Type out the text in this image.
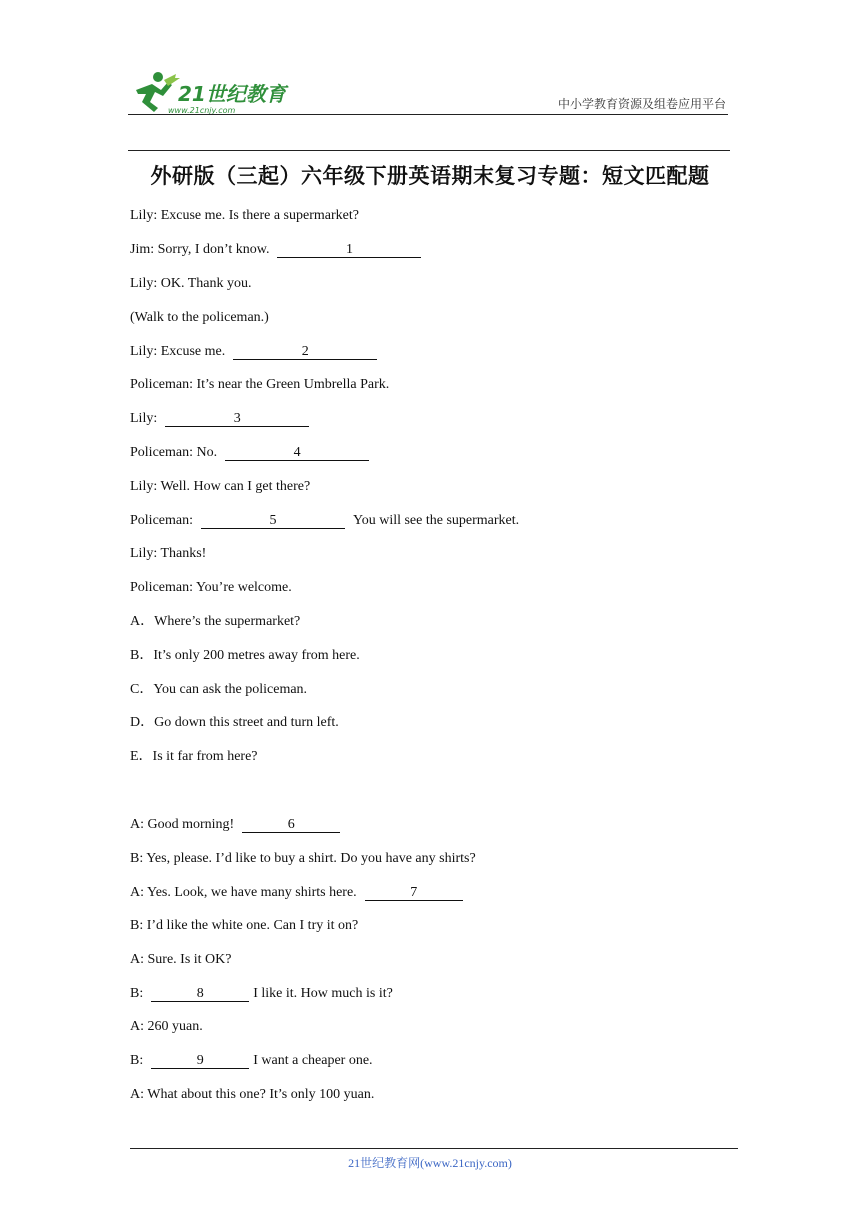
21世纪教育
www.21cnjy.com	中小学教育资源及组卷应用平台
外研版（三起）六年级下册英语期末复习专题：短文匹配题
Lily: Excuse me. Is there a supermarket?
Jim: Sorry, I don’t know.	1
Lily: OK. Thank you.
(Walk to the policeman.)
Lily: Excuse me.	2
Policeman: It’s near the Green Umbrella Park.
Lily:	3
Policeman: No.	4
Lily: Well. How can I get there?
Policeman:	5	You will see the supermarket.
Lily: Thanks!
Policeman: You’re welcome.
A．Where’s the supermarket?
B．It’s only 200 metres away from here.
C．You can ask the policeman.
D．Go down this street and turn left.
E．Is it far from here?
A: Good morning!	6
B: Yes, please. I’d like to buy a shirt. Do you have any shirts?
A: Yes. Look, we have many shirts here.	7
B: I’d like the white one. Can I try it on?
A: Sure. Is it OK?
B:	8	I like it. How much is it?
A: 260 yuan.
B:	9	I want a cheaper one.
A: What about this one? It’s only 100 yuan.
21世纪教育网(www.21cnjy.com)
